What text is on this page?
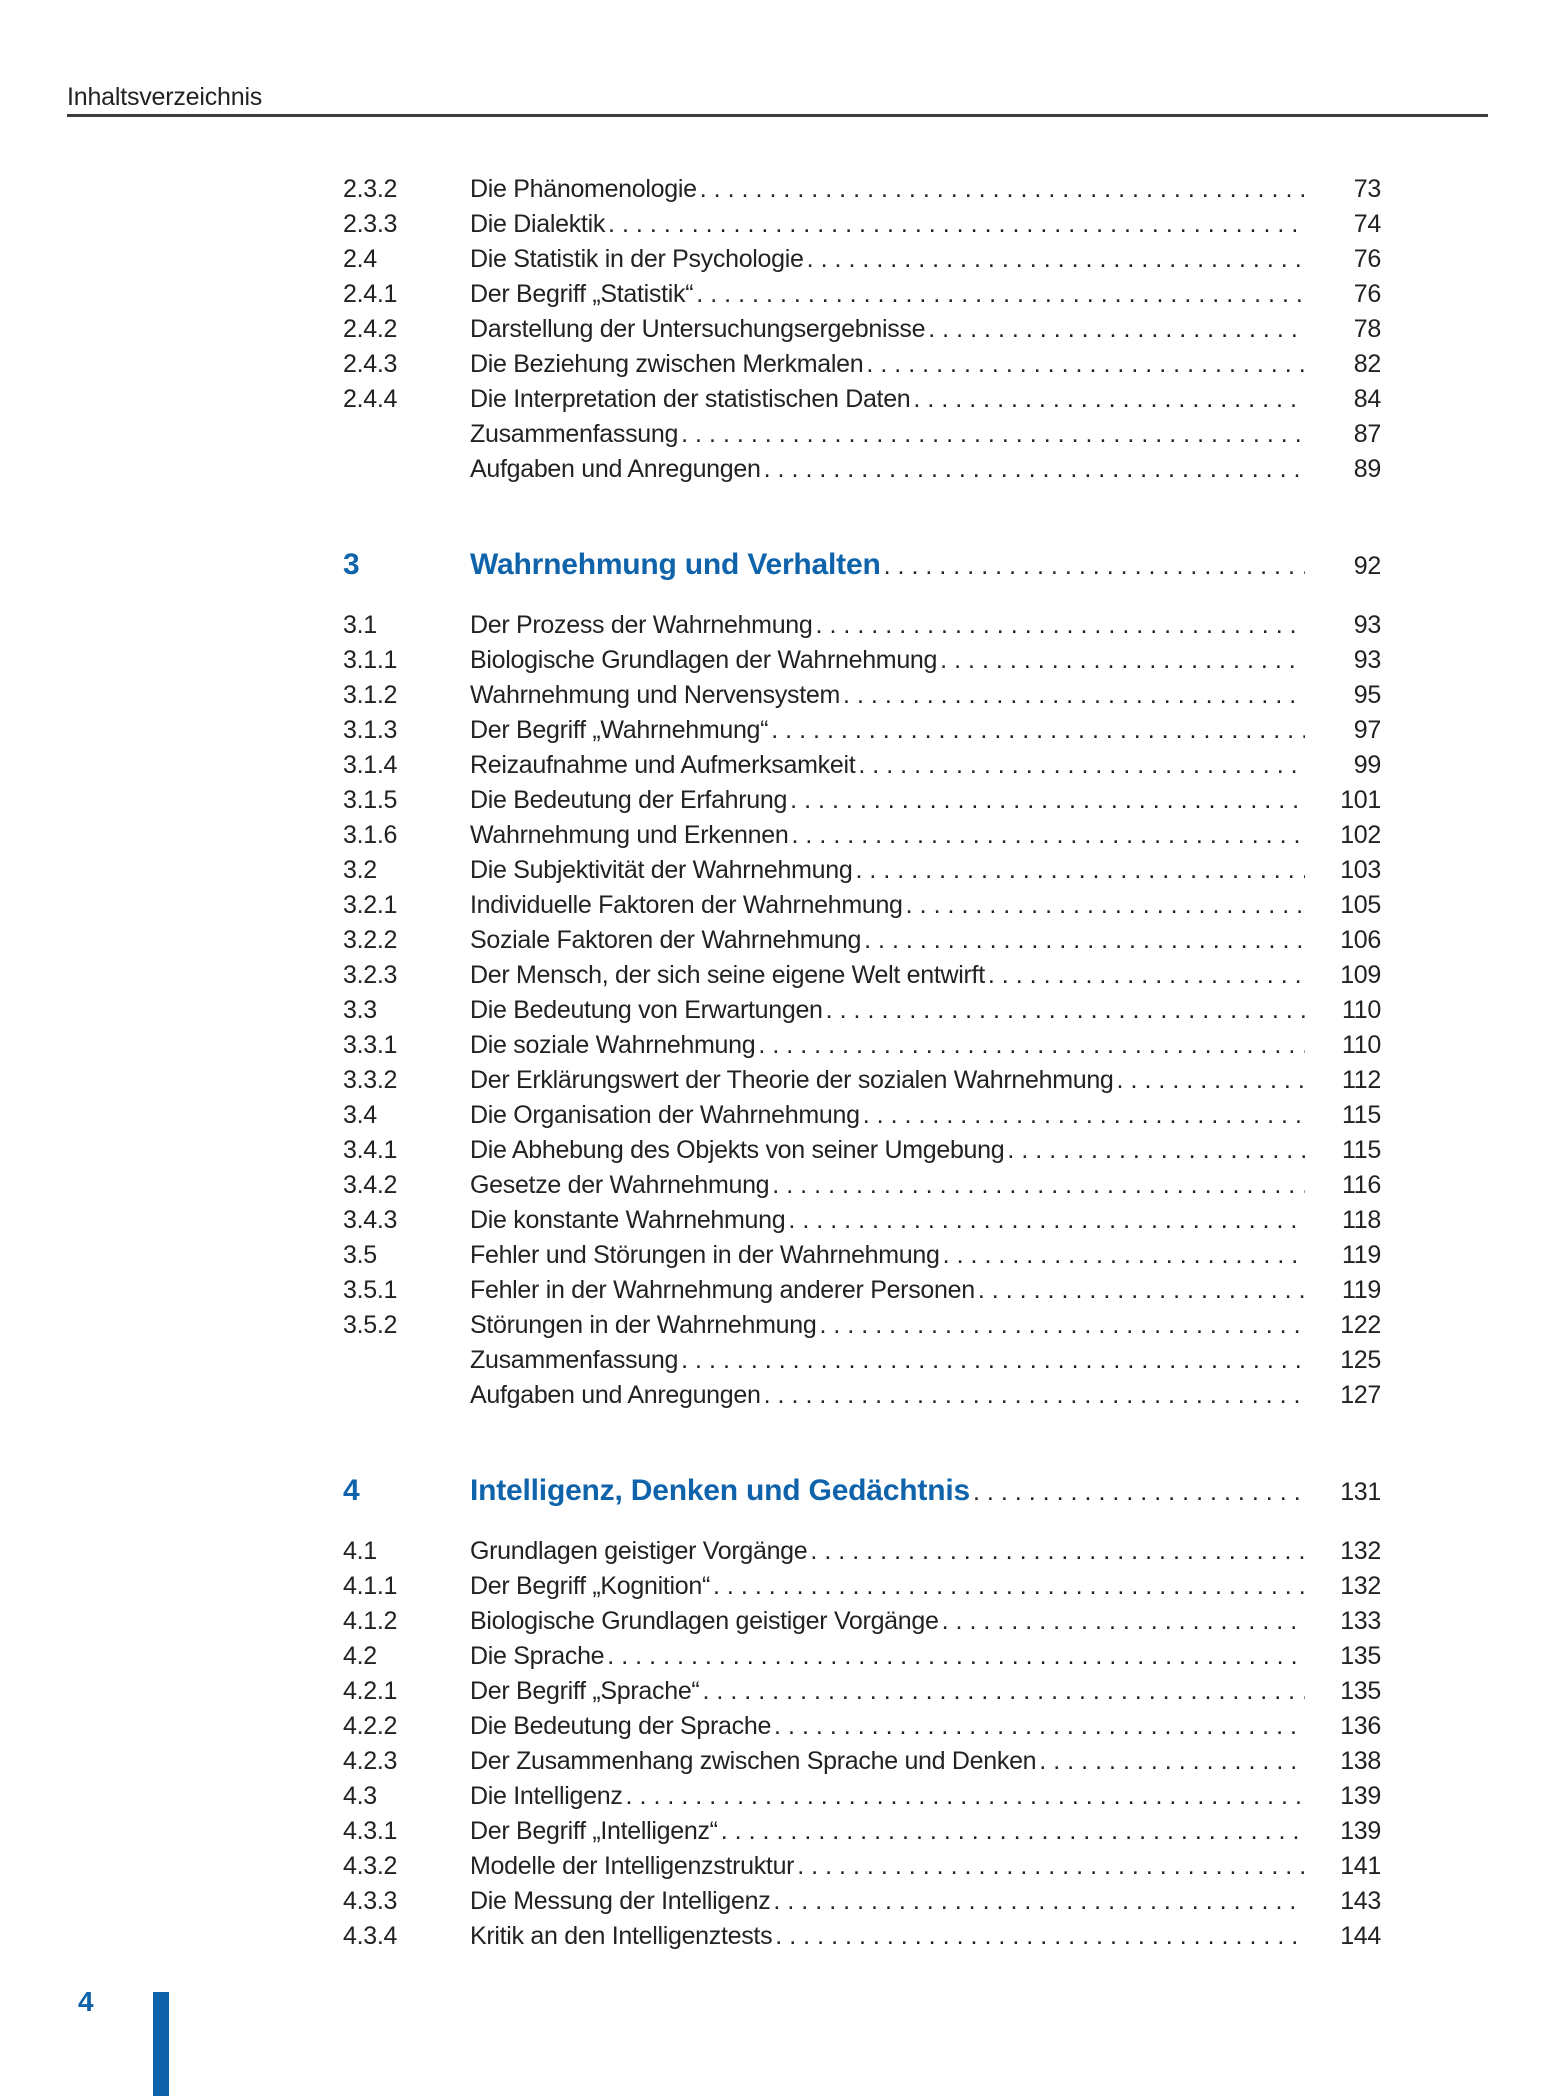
Inhaltsverzeichnis
2.3.2	Die Phänomenologie .....	73
2.3.3	Die Dialektik .....	74
2.4	Die Statistik in der Psychologie .....	76
2.4.1	Der Begriff „Statistik“ .....	76
2.4.2	Darstellung der Untersuchungsergebnisse .....	78
2.4.3	Die Beziehung zwischen Merkmalen .....	82
2.4.4	Die Interpretation der statistischen Daten .....	84

Zusammenfassung .....	87

Aufgaben und Anregungen .....	89
3	Wahrnehmung und Verhalten .....	92
3.1	Der Prozess der Wahrnehmung .....	93
3.1.1	Biologische Grundlagen der Wahrnehmung .....	93
3.1.2	Wahrnehmung und Nervensystem .....	95
3.1.3	Der Begriff „Wahrnehmung“ .....	97
3.1.4	Reizaufnahme und Aufmerksamkeit .....	99
3.1.5	Die Bedeutung der Erfahrung .....	101
3.1.6	Wahrnehmung und Erkennen .....	102
3.2	Die Subjektivität der Wahrnehmung .....	103
3.2.1	Individuelle Faktoren der Wahrnehmung .....	105
3.2.2	Soziale Faktoren der Wahrnehmung .....	106
3.2.3	Der Mensch, der sich seine eigene Welt entwirft .....	109
3.3	Die Bedeutung von Erwartungen .....	110
3.3.1	Die soziale Wahrnehmung .....	110
3.3.2	Der Erklärungswert der Theorie der sozialen Wahrnehmung .....	112
3.4	Die Organisation der Wahrnehmung .....	115
3.4.1	Die Abhebung des Objekts von seiner Umgebung .....	115
3.4.2	Gesetze der Wahrnehmung .....	116
3.4.3	Die konstante Wahrnehmung .....	118
3.5	Fehler und Störungen in der Wahrnehmung .....	119
3.5.1	Fehler in der Wahrnehmung anderer Personen .....	119
3.5.2	Störungen in der Wahrnehmung .....	122

Zusammenfassung .....	125

Aufgaben und Anregungen .....	127
4	Intelligenz, Denken und Gedächtnis .....	131
4.1	Grundlagen geistiger Vorgänge .....	132
4.1.1	Der Begriff „Kognition“ .....	132
4.1.2	Biologische Grundlagen geistiger Vorgänge .....	133
4.2	Die Sprache .....	135
4.2.1	Der Begriff „Sprache“ .....	135
4.2.2	Die Bedeutung der Sprache .....	136
4.2.3	Der Zusammenhang zwischen Sprache und Denken .....	138
4.3	Die Intelligenz .....	139
4.3.1	Der Begriff „Intelligenz“ .....	139
4.3.2	Modelle der Intelligenzstruktur .....	141
4.3.3	Die Messung der Intelligenz .....	143
4.3.4	Kritik an den Intelligenztests .....	144
4
